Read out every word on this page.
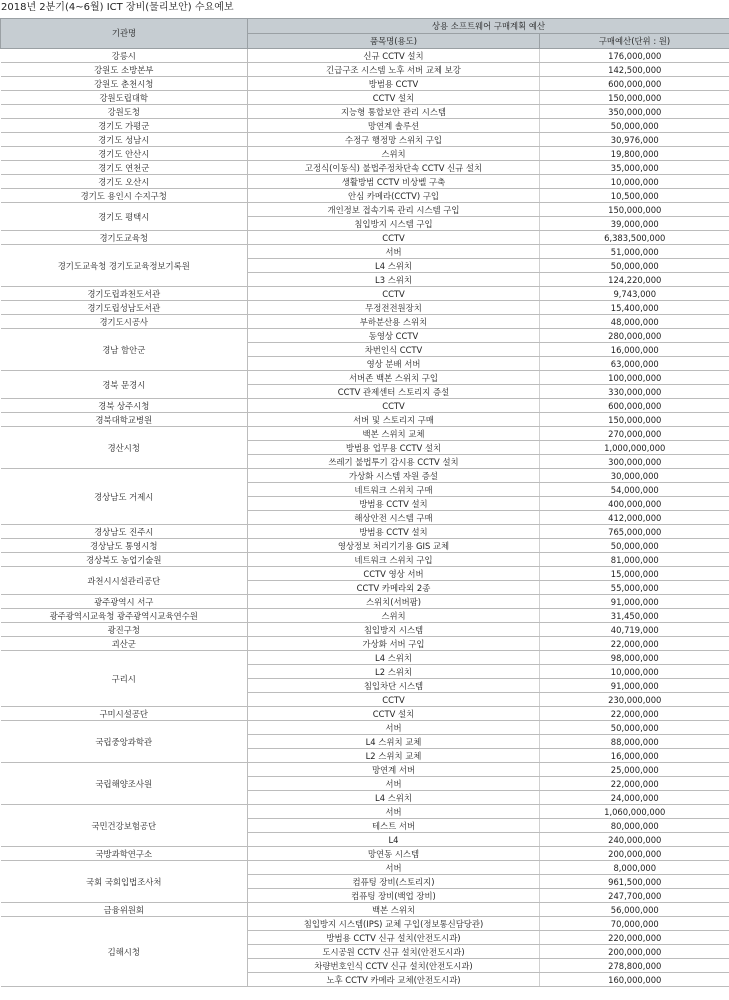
2018년 2분기(4~6월) ICT 장비(물리보안) 수요예보
기관명	상용 소프트웨어 구매계획 예산	
	품목명(용도)	구매예산(단위 : 원)
강릉시	신규 CCTV 설치	176,000,000
강원도 소방본부	긴급구조 시스템 노후 서버 교체 보강	142,500,000
강원도 춘천시청	방범용 CCTV	600,000,000
강원도립대학	CCTV 설치	150,000,000
강원도청	지능형 통합보안 관리 시스템	350,000,000
경기도 가평군	망연계 솔루션	50,000,000
경기도 성남시	수정구 행정망 스위치 구입	30,976,000
경기도 안산시	스위치	19,800,000
경기도 연천군	고정식(이동식) 불법주정차단속 CCTV 신규 설치	35,000,000
경기도 오산시	생활방범 CCTV 비상벨 구축	10,000,000
경기도 용인시 수지구청	안심 카메라(CCTV) 구입	10,500,000
경기도 평택시	개인정보 접속기록 관리 시스템 구입	150,000,000
	침입방지 시스템 구입	39,000,000
경기도교육청	CCTV	6,383,500,000
경기도교육청 경기도교육정보기록원	서버	51,000,000
	L4 스위치	50,000,000
	L3 스위치	124,220,000
경기도립과천도서관	CCTV	9,743,000
경기도립성남도서관	무정전전원장치	15,400,000
경기도시공사	부하분산용 스위치	48,000,000
경남 함안군	동영상 CCTV	280,000,000
	차번인식 CCTV	16,000,000
	영상 분배 서버	63,000,000
경북 문경시	서버존 백본 스위치 구입	100,000,000
	CCTV 관제센터 스토리지 증설	330,000,000
경북 상주시청	CCTV	600,000,000
경북대학교병원	서버 및 스토리지 구매	150,000,000
경산시청	백본 스위치 교체	270,000,000
	방범용 업무용 CCTV 설치	1,000,000,000
	쓰레기 불법투기 감시용 CCTV 설치	300,000,000
경상남도 거제시	가상화 시스템 자원 증설	30,000,000
	네트워크 스위치 구매	54,000,000
	방범용 CCTV 설치	400,000,000
	해상안전 시스템 구매	412,000,000
경상남도 진주시	방범용 CCTV 설치	765,000,000
경상남도 통영시청	영상정보 처리기기용 GIS 교체	50,000,000
경상북도 농업기술원	네트워크 스위치 구입	81,000,000
과천시시설관리공단	CCTV 영상 서버	15,000,000
	CCTV 카메라외 2종	55,000,000
광주광역시 서구	스위치(서버팜)	91,000,000
광주광역시교육청 광주광역시교육연수원	스위치	31,450,000
광진구청	침입방지 시스템	40,719,000
괴산군	가상화 서버 구입	22,000,000
구리시	L4 스위치	98,000,000
	L2 스위치	10,000,000
	침입차단 시스템	91,000,000
	CCTV	230,000,000
구미시설공단	CCTV 설치	22,000,000
국립중앙과학관	서버	50,000,000
	L4 스위치 교체	88,000,000
	L2 스위치 교체	16,000,000
국립해양조사원	망연계 서버	25,000,000
	서버	22,000,000
	L4 스위치	24,000,000
국민건강보험공단	서버	1,060,000,000
	테스트 서버	80,000,000
	L4	240,000,000
국방과학연구소	망연동 시스템	200,000,000
국회 국회입법조사처	서버	8,000,000
	컴퓨팅 장비(스토리지)	961,500,000
	컴퓨팅 장비(백업 장비)	247,700,000
금융위원회	백본 스위치	56,000,000
김해시청	침입방지 시스템(IPS) 교체 구입(정보통신담당관)	70,000,000
	방범용 CCTV 신규 설치(안전도시과)	220,000,000
	도시공원 CCTV 신규 설치(안전도시과)	200,000,000
	차량번호인식 CCTV 신규 설치(안전도시과)	278,800,000
	노후 CCTV 카메라 교체(안전도시과)	160,000,000
